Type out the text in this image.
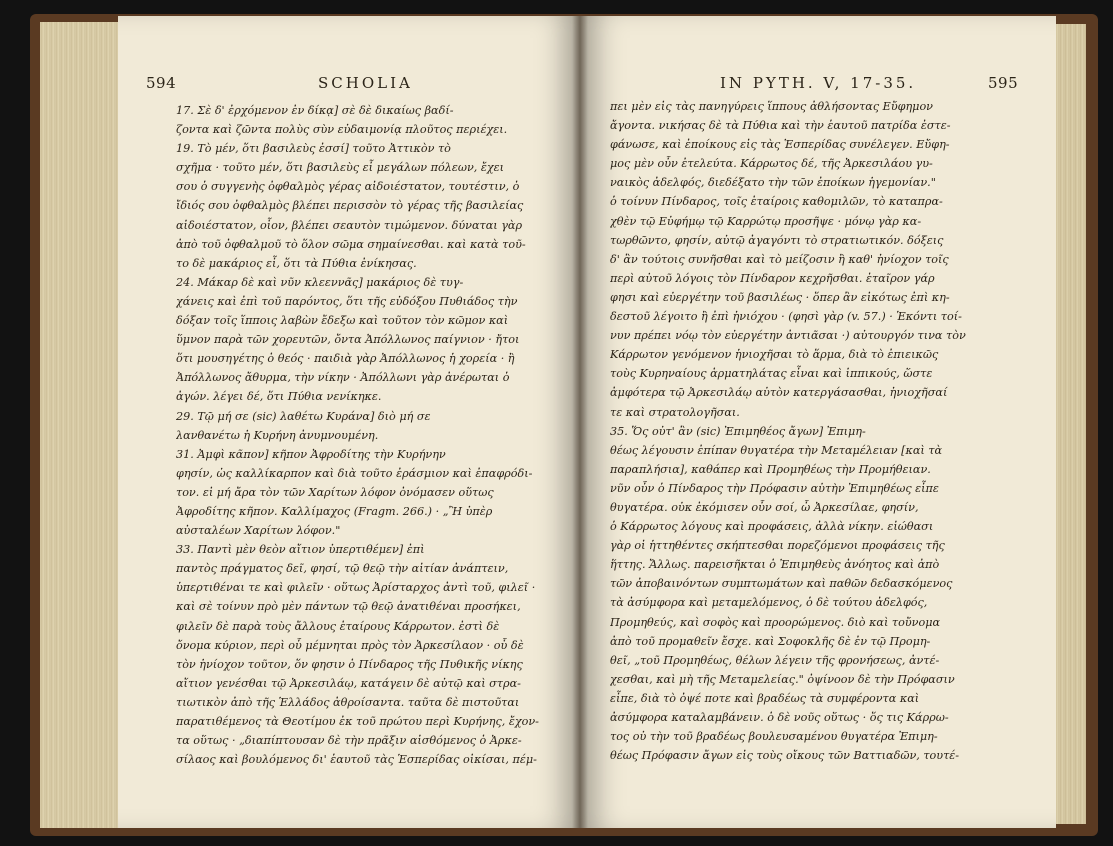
594	SCHOLIA
17. Σὲ δ' ἐρχόμενον ἐν δίκᾳ] σὲ δὲ δικαίως βαδί-
ζοντα καὶ ζῶντα πολὺς σὺν εὐδαιμονίᾳ πλοῦτος περιέχει.
19. Τὸ μέν, ὅτι βασιλεὺς ἐσσί] τοῦτο Ἀττικὸν τὸ
σχῆμα · τοῦτο μέν, ὅτι βασιλεὺς εἶ μεγάλων πόλεων, ἔχει
σου ὁ συγγενὴς ὀφθαλμὸς γέρας αἰδοιέστατον, τουτέστιν, ὁ
ἴδιός σου ὀφθαλμὸς βλέπει περισσὸν τὸ γέρας τῆς βασιλείας
αἰδοιέστατον, οἷον, βλέπει σεαυτὸν τιμώμενον. δύναται γὰρ
ἀπὸ τοῦ ὀφθαλμοῦ τὸ ὅλον σῶμα σημαίνεσθαι. καὶ κατὰ τοῦ-
το δὲ μακάριος εἶ, ὅτι τὰ Πύθια ἐνίκησας.
24. Μάκαρ δὲ καὶ νῦν κλεεννᾶς] μακάριος δὲ τυγ-
χάνεις καὶ ἐπὶ τοῦ παρόντος, ὅτι τῆς εὐδόξου Πυθιάδος τὴν
δόξαν τοῖς ἵπποις λαβὼν ἔδεξω καὶ τοῦτον τὸν κῶμον καὶ
ὕμνον παρὰ τῶν χορευτῶν, ὄντα Ἀπόλλωνος παίγνιον · ἤτοι
ὅτι μουσηγέτης ὁ θεός · παιδιὰ γὰρ Ἀπόλλωνος ἡ χορεία · ἢ
Ἀπόλλωνος ἄθυρμα, τὴν νίκην · Ἀπόλλωνι γὰρ ἀνέρωται ὁ
ἀγών. λέγει δέ, ὅτι Πύθια νενίκηκε.
29. Τῷ μή σε (sic) λαθέτω Κυράνα] διὸ μή σε
λανθανέτω ἡ Κυρήνη ἀνυμνουμένη.
31. Ἀμφὶ κᾶπον] κῆπον Ἀφροδίτης τὴν Κυρήνην
φησίν, ὡς καλλίκαρπον καὶ διὰ τοῦτο ἐράσμιον καὶ ἐπαφρόδι-
τον. εἰ μή ἄρα τὸν τῶν Χαρίτων λόφον ὀνόμασεν οὕτως
Ἀφροδίτης κῆπον. Καλλίμαχος (Fragm. 266.) · „Ἢ ὑπὲρ
αὐσταλέων Χαρίτων λόφον."
33. Παντὶ μὲν θεὸν αἴτιον ὑπερτιθέμεν] ἐπὶ
παντὸς πράγματος δεῖ, φησί, τῷ θεῷ τὴν αἰτίαν ἀνάπτειν,
ὑπερτιθέναι τε καὶ φιλεῖν · οὕτως Ἀρίσταρχος ἀντὶ τοῦ, φιλεῖ ·
καὶ σὲ τοίνυν πρὸ μὲν πάντων τῷ θεῷ ἀνατιθέναι προσήκει,
φιλεῖν δὲ παρὰ τοὺς ἄλλους ἑταίρους Κάρρωτον. ἐστὶ δὲ
ὄνομα κύριον, περὶ οὗ μέμνηται πρὸς τὸν Ἀρκεσίλαον · οὗ δὲ
τὸν ἡνίοχον τοῦτον, ὅν φησιν ὁ Πίνδαρος τῆς Πυθικῆς νίκης
αἴτιον γενέσθαι τῷ Ἀρκεσιλάῳ, κατάγειν δὲ αὐτῷ καὶ στρα-
τιωτικὸν ἀπὸ τῆς Ἑλλάδος ἀθροίσαντα. ταῦτα δὲ πιστοῦται
παρατιθέμενος τὰ Θεοτίμου ἐκ τοῦ πρώτου περὶ Κυρήνης, ἔχον-
τα οὕτως · „διαπίπτουσαν δὲ τὴν πρᾶξιν αἰσθόμενος ὁ Ἀρκε-
σίλαος καὶ βουλόμενος δι' ἑαυτοῦ τὰς Ἑσπερίδας οἰκίσαι, πέμ-
IN PYTH. V, 17-35.	595
πει μὲν εἰς τὰς πανηγύρεις ἵππους ἀθλήσοντας Εὔφημον
ἄγοντα. νικήσας δὲ τὰ Πύθια καὶ τὴν ἑαυτοῦ πατρίδα ἐστε-
φάνωσε, καὶ ἐποίκους εἰς τὰς Ἑσπερίδας συνέλεγεν. Εὔφη-
μος μὲν οὖν ἐτελεύτα. Κάρρωτος δέ, τῆς Ἀρκεσιλάου γυ-
ναικὸς ἀδελφός, διεδέξατο τὴν τῶν ἐποίκων ἡγεμονίαν."
ὁ τοίνυν Πίνδαρος, τοῖς ἑταίροις καθομιλῶν, τὸ καταπρα-
χθὲν τῷ Εὐφήμῳ τῷ Καρρώτῳ προσῆψε · μόνῳ γὰρ κα-
τωρθῶντο, φησίν, αὐτῷ ἀγαγόντι τὸ στρατιωτικόν. δόξεις
δ' ἂν τούτοις συνῆσθαι καὶ τὸ μείζοσιν ἢ καθ' ἡνίοχον τοῖς
περὶ αὐτοῦ λόγοις τὸν Πίνδαρον κεχρῆσθαι. ἑταῖρον γάρ
φησι καὶ εὐεργέτην τοῦ βασιλέως · ὅπερ ἂν εἰκότως ἐπὶ κη-
δεστοῦ λέγοιτο ἢ ἐπὶ ἡνιόχου · (φησὶ γὰρ (v. 57.) · Ἑκόντι τοί-
νυν πρέπει νόῳ τὸν εὐεργέτην ἀντιᾶσαι ·) αὐτουργόν τινα τὸν
Κάρρωτον γενόμενον ἡνιοχῆσαι τὸ ἅρμα, διὰ τὸ ἐπιεικῶς
τοὺς Κυρηναίους ἁρματηλάτας εἶναι καὶ ἱππικούς, ὥστε
ἀμφότερα τῷ Ἀρκεσιλάῳ αὐτὸν κατεργάσασθαι, ἡνιοχῆσαί
τε καὶ στρατολογῆσαι.
35. Ὅς οὐτ' ἂν (sic) Ἐπιμηθέος ἄγων] Ἐπιμη-
θέως λέγουσιν ἐπίπαν θυγατέρα τὴν Μεταμέλειαν [καὶ τὰ
παραπλήσια], καθάπερ καὶ Προμηθέως τὴν Προμήθειαν.
νῦν οὖν ὁ Πίνδαρος τὴν Πρόφασιν αὐτὴν Ἐπιμηθέως εἶπε
θυγατέρα. οὐκ ἐκόμισεν οὖν σοί, ὦ Ἀρκεσίλαε, φησίν,
ὁ Κάρρωτος λόγους καὶ προφάσεις, ἀλλὰ νίκην. εἰώθασι
γὰρ οἱ ἡττηθέντες σκήπτεσθαι πορεζόμενοι προφάσεις τῆς
ἥττης. Ἄλλως. παρεισῆκται ὁ Ἐπιμηθεὺς ἀνόητος καὶ ἀπὸ
τῶν ἀποβαινόντων συμπτωμάτων καὶ παθῶν δεδασκόμενος
τὰ ἀσύμφορα καὶ μεταμελόμενος, ὁ δὲ τούτου ἀδελφός,
Προμηθεύς, καὶ σοφὸς καὶ προορώμενος. διὸ καὶ τοὔνομα
ἀπὸ τοῦ προμαθεῖν ἔσχε. καὶ Σοφοκλῆς δὲ ἐν τῷ Προμη-
θεῖ, „τοῦ Προμηθέως, θέλων λέγειν τῆς φρονήσεως, ἀντέ-
χεσθαι, καὶ μὴ τῆς Μεταμελείας." ὀψίνοον δὲ τὴν Πρόφασιν
εἶπε, διὰ τὸ ὀψέ ποτε καὶ βραδέως τὰ συμφέροντα καὶ
ἀσύμφορα καταλαμβάνειν. ὁ δὲ νοῦς οὕτως · ὅς τις Κάρρω-
τος οὐ τὴν τοῦ βραδέως βουλευσαμένου θυγατέρα Ἐπιμη-
θέως Πρόφασιν ἄγων εἰς τοὺς οἴκους τῶν Βαττιαδῶν, τουτέ-
